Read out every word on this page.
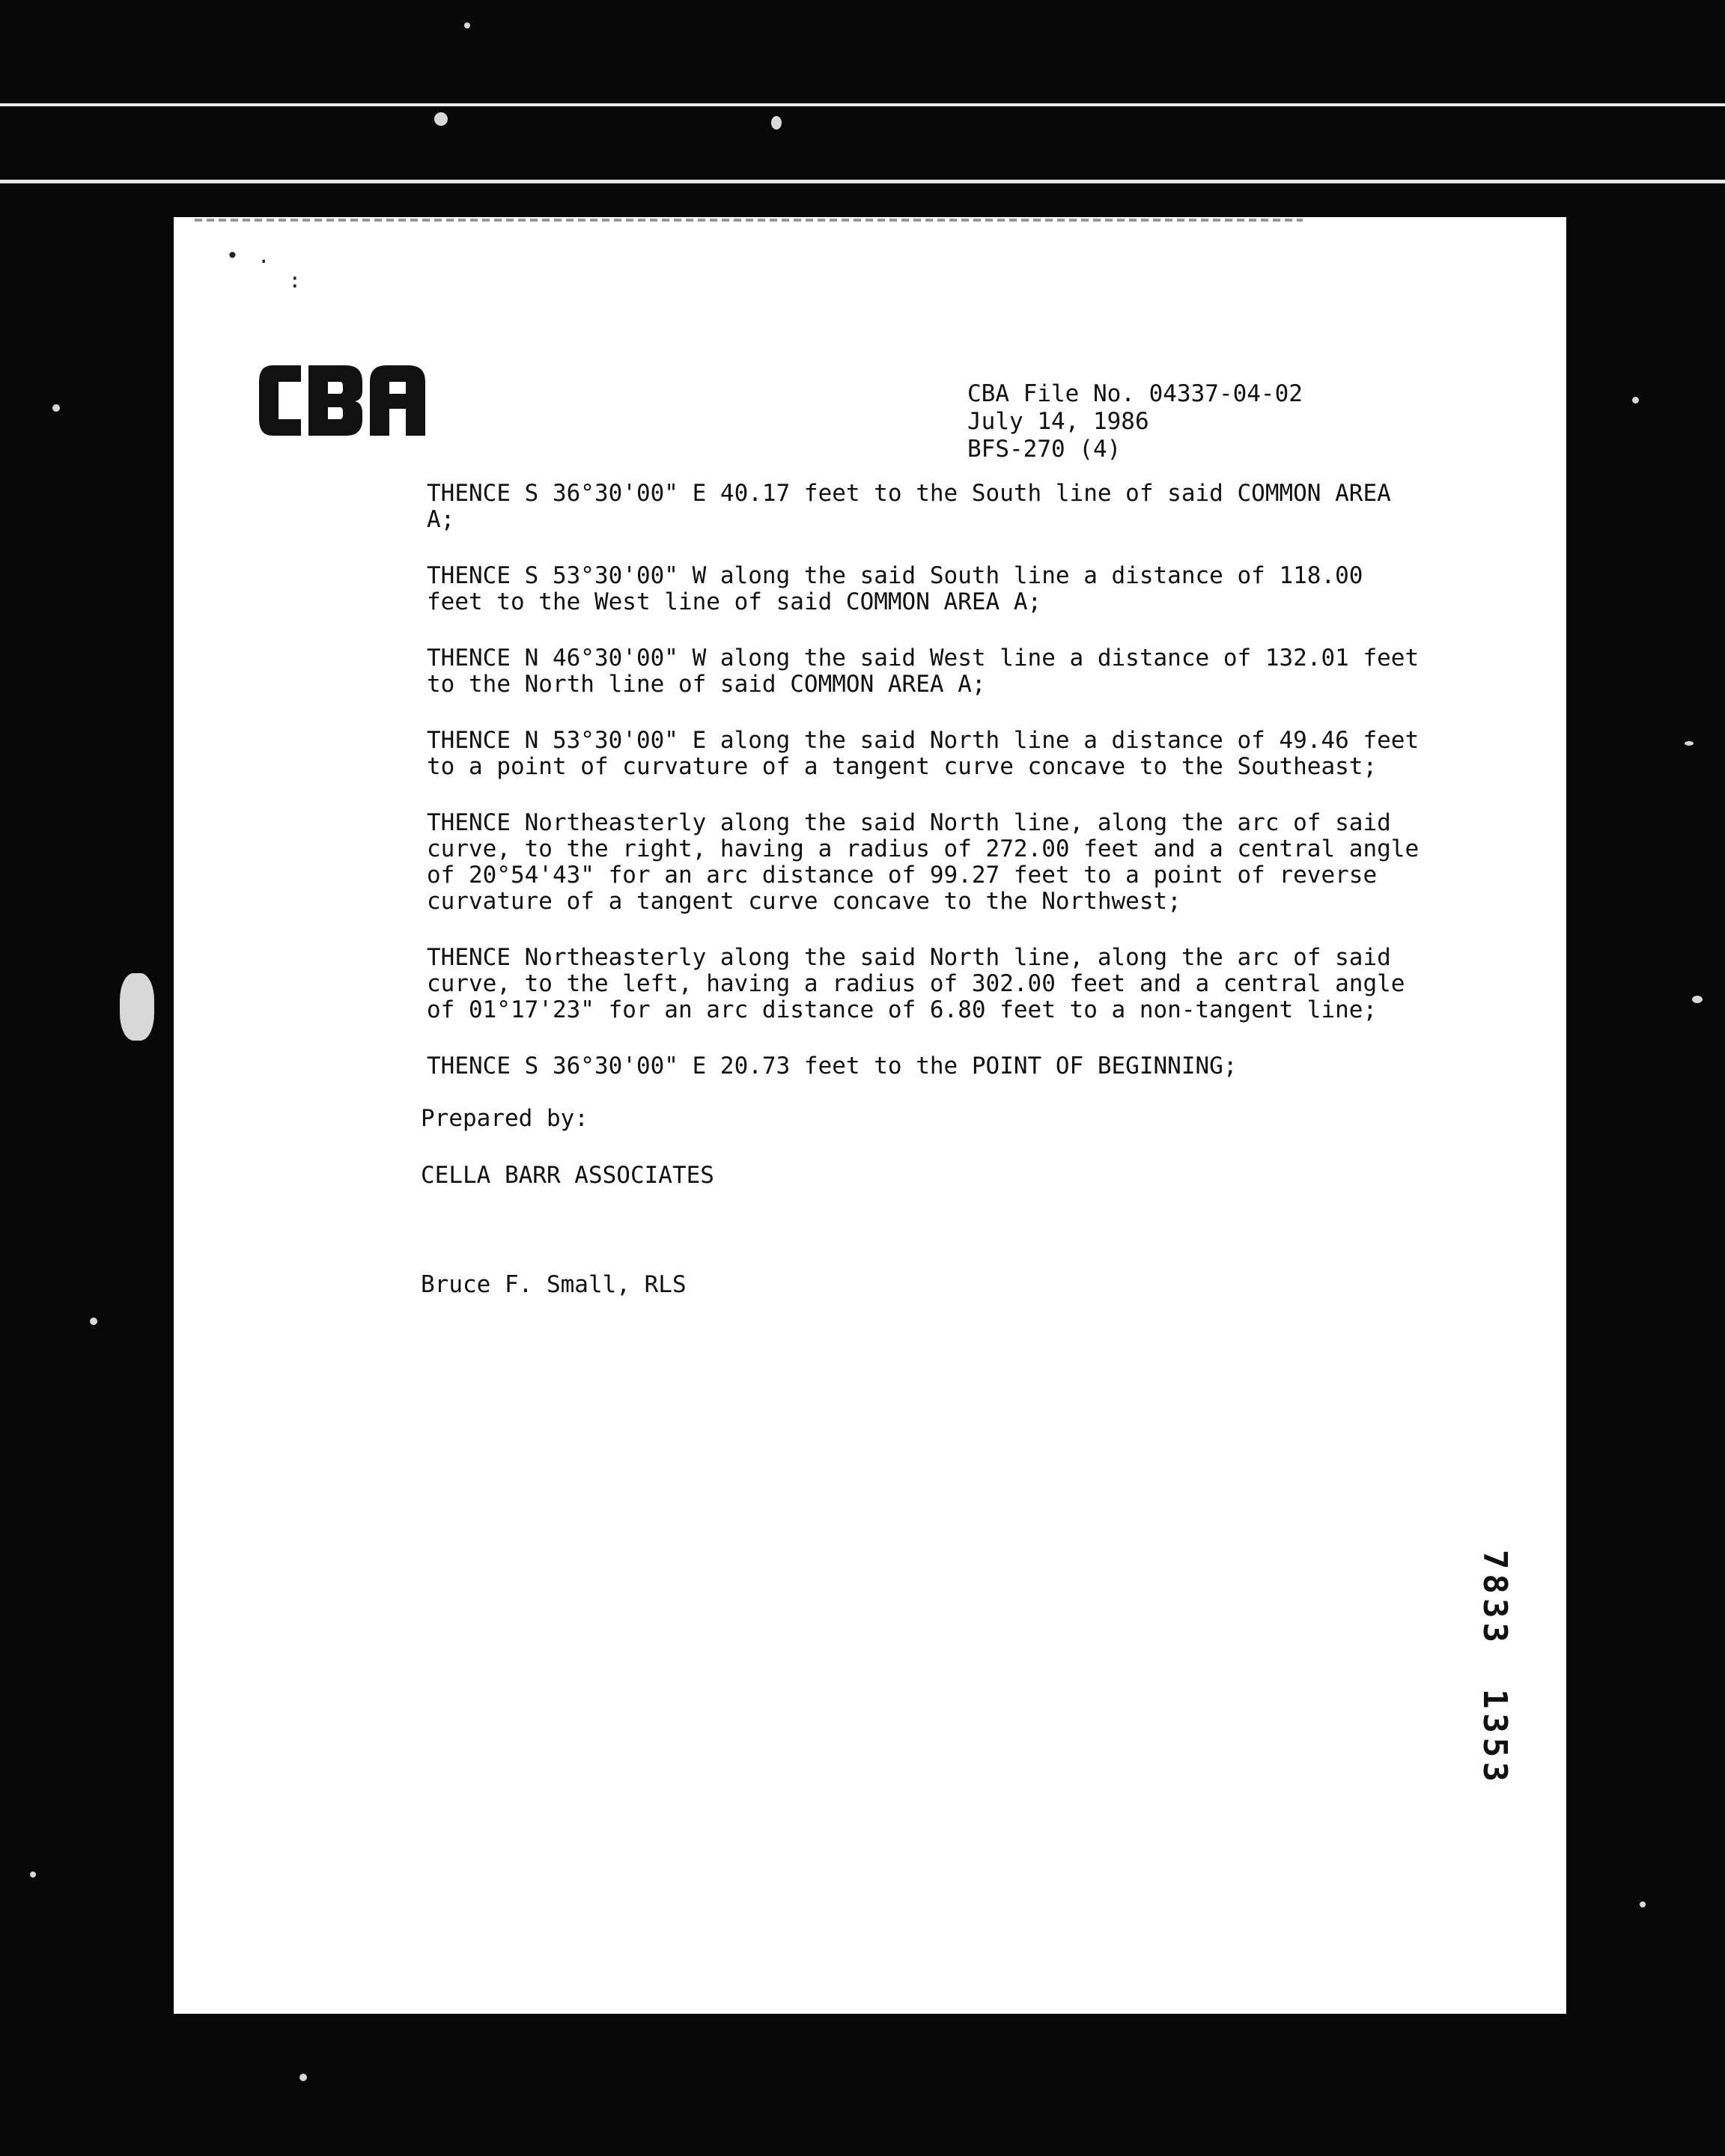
• .
:
CBA File No. 04337-04-02
July 14, 1986
BFS-270 (4)

THENCE S 36°30'00" E 40.17 feet to the South line of said COMMON AREA
A;

THENCE S 53°30'00" W along the said South line a distance of 118.00
feet to the West line of said COMMON AREA A;

THENCE N 46°30'00" W along the said West line a distance of 132.01 feet
to the North line of said COMMON AREA A;

THENCE N 53°30'00" E along the said North line a distance of 49.46 feet
to a point of curvature of a tangent curve concave to the Southeast;

THENCE Northeasterly along the said North line, along the arc of said
curve, to the right, having a radius of 272.00 feet and a central angle
of 20°54'43" for an arc distance of 99.27 feet to a point of reverse
curvature of a tangent curve concave to the Northwest;

THENCE Northeasterly along the said North line, along the arc of said
curve, to the left, having a radius of 302.00 feet and a central angle
of 01°17'23" for an arc distance of 6.80 feet to a non-tangent line;

THENCE S 36°30'00" E 20.73 feet to the POINT OF BEGINNING;

Prepared by:
CELLA BARR ASSOCIATES
Bruce F. Small, RLS
78331353
